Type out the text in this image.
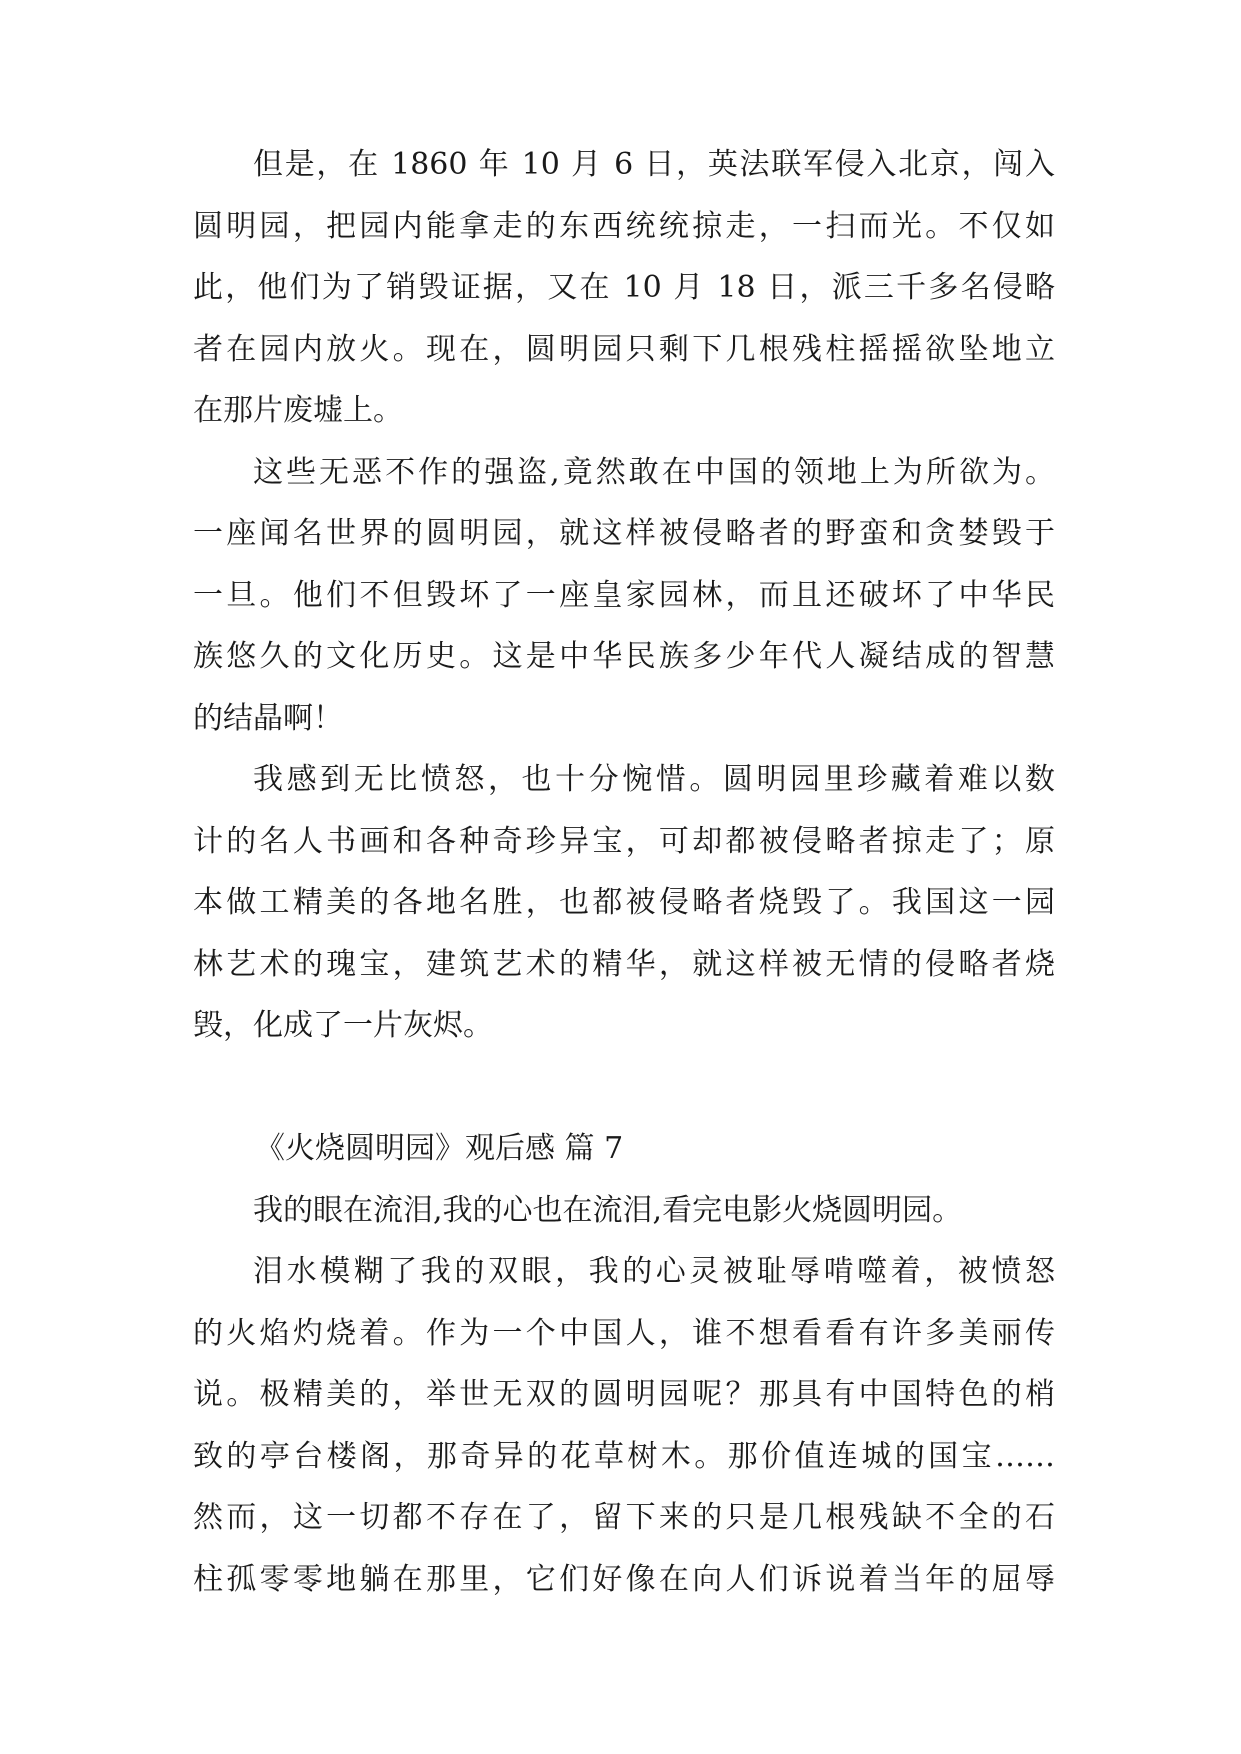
但是，在 1860 年 10 月 6 日，英法联军侵入北京，闯入
圆明园，把园内能拿走的东西统统掠走，一扫而光。不仅如
此，他们为了销毁证据，又在 10 月 18 日，派三千多名侵略
者在园内放火。现在，圆明园只剩下几根残柱摇摇欲坠地立
在那片废墟上。
这些无恶不作的强盗,竟然敢在中国的领地上为所欲为。
一座闻名世界的圆明园，就这样被侵略者的野蛮和贪婪毁于
一旦。他们不但毁坏了一座皇家园林，而且还破坏了中华民
族悠久的文化历史。这是中华民族多少年代人凝结成的智慧
的结晶啊！
我感到无比愤怒，也十分惋惜。圆明园里珍藏着难以数
计的名人书画和各种奇珍异宝，可却都被侵略者掠走了；原
本做工精美的各地名胜，也都被侵略者烧毁了。我国这一园
林艺术的瑰宝，建筑艺术的精华，就这样被无情的侵略者烧
毁，化成了一片灰烬。
《火烧圆明园》观后感 篇 7
我的眼在流泪,我的心也在流泪,看完电影火烧圆明园。
泪水模糊了我的双眼，我的心灵被耻辱啃噬着，被愤怒
的火焰灼烧着。作为一个中国人，谁不想看看有许多美丽传
说。极精美的，举世无双的圆明园呢？那具有中国特色的梢
致的亭台楼阁，那奇异的花草树木。那价值连城的国宝……
然而，这一切都不存在了，留下来的只是几根残缺不全的石
柱孤零零地躺在那里，它们好像在向人们诉说着当年的屈辱
